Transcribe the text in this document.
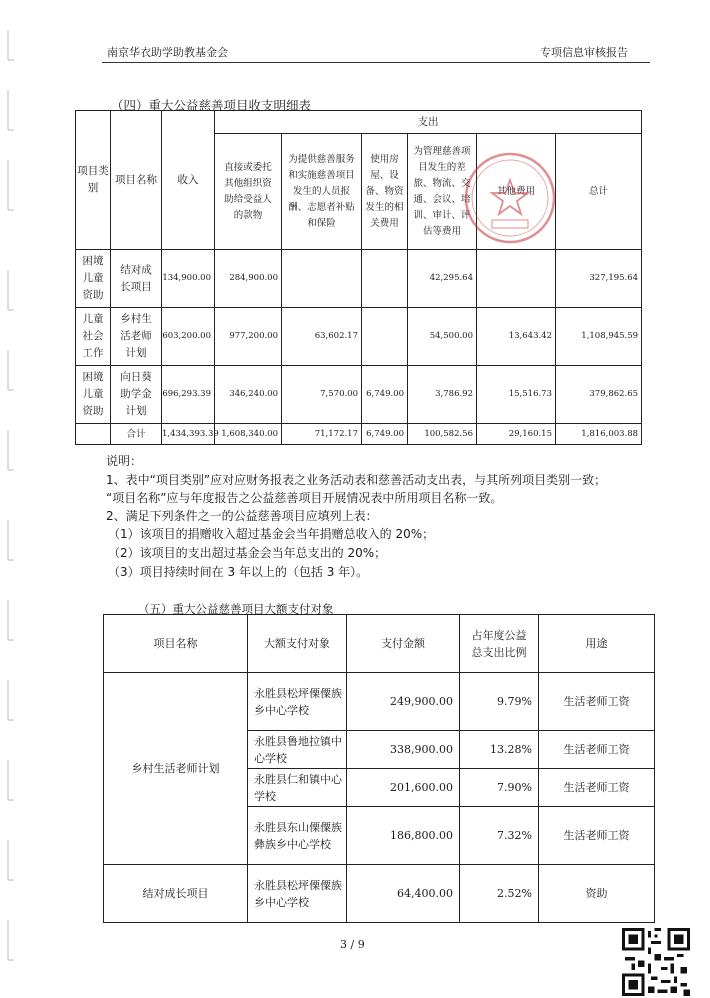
南京华衣助学助教基金会	专项信息审核报告
（四）重大公益慈善项目收支明细表
项目类别	项目名称	收入	支出					
			直接或委托其他组织资助给受益人的款物	为提供慈善服务和实施慈善项目发生的人员报酬、志愿者补贴和保险	使用房屋、设备、物资发生的相关费用	为管理慈善项目发生的差旅、物流、交通、会议、培训、审计、评估等费用	其他费用	总计
困境儿童资助	结对成长项目	134,900.00	284,900.00			42,295.64		327,195.64
儿童社会工作	乡村生活老师计划	603,200.00	977,200.00	63,602.17		54,500.00	13,643.42	1,108,945.59
困境儿童资助	向日葵助学金计划	696,293.39	346,240.00	7,570.00	6,749.00	3,786.92	15,516.73	379,862.65
	合计	1,434,393.39	1,608,340.00	71,172.17	6,749.00	100,582.56	29,160.15	1,816,003.88
说明：
1、表中“项目类别”应对应财务报表之业务活动表和慈善活动支出表，与其所列项目类别一致；
“项目名称”应与年度报告之公益慈善项目开展情况表中所用项目名称一致。
2、满足下列条件之一的公益慈善项目应填列上表：
（1）该项目的捐赠收入超过基金会当年捐赠总收入的 20%；
（2）该项目的支出超过基金会当年总支出的 20%；
（3）项目持续时间在 3 年以上的（包括 3 年）。
（五）重大公益慈善项目大额支付对象
项目名称	大额支付对象	支付金额	占年度公益总支出比例	用途
乡村生活老师计划	永胜县松坪傈僳族乡中心学校	249,900.00	9.79%	生活老师工资
	永胜县鲁地拉镇中心学校	338,900.00	13.28%	生活老师工资
	永胜县仁和镇中心学校	201,600.00	7.90%	生活老师工资
	永胜县东山傈僳族彝族乡中心学校	186,800.00	7.32%	生活老师工资
结对成长项目	永胜县松坪傈僳族乡中心学校	64,400.00	2.52%	资助
3 / 9
